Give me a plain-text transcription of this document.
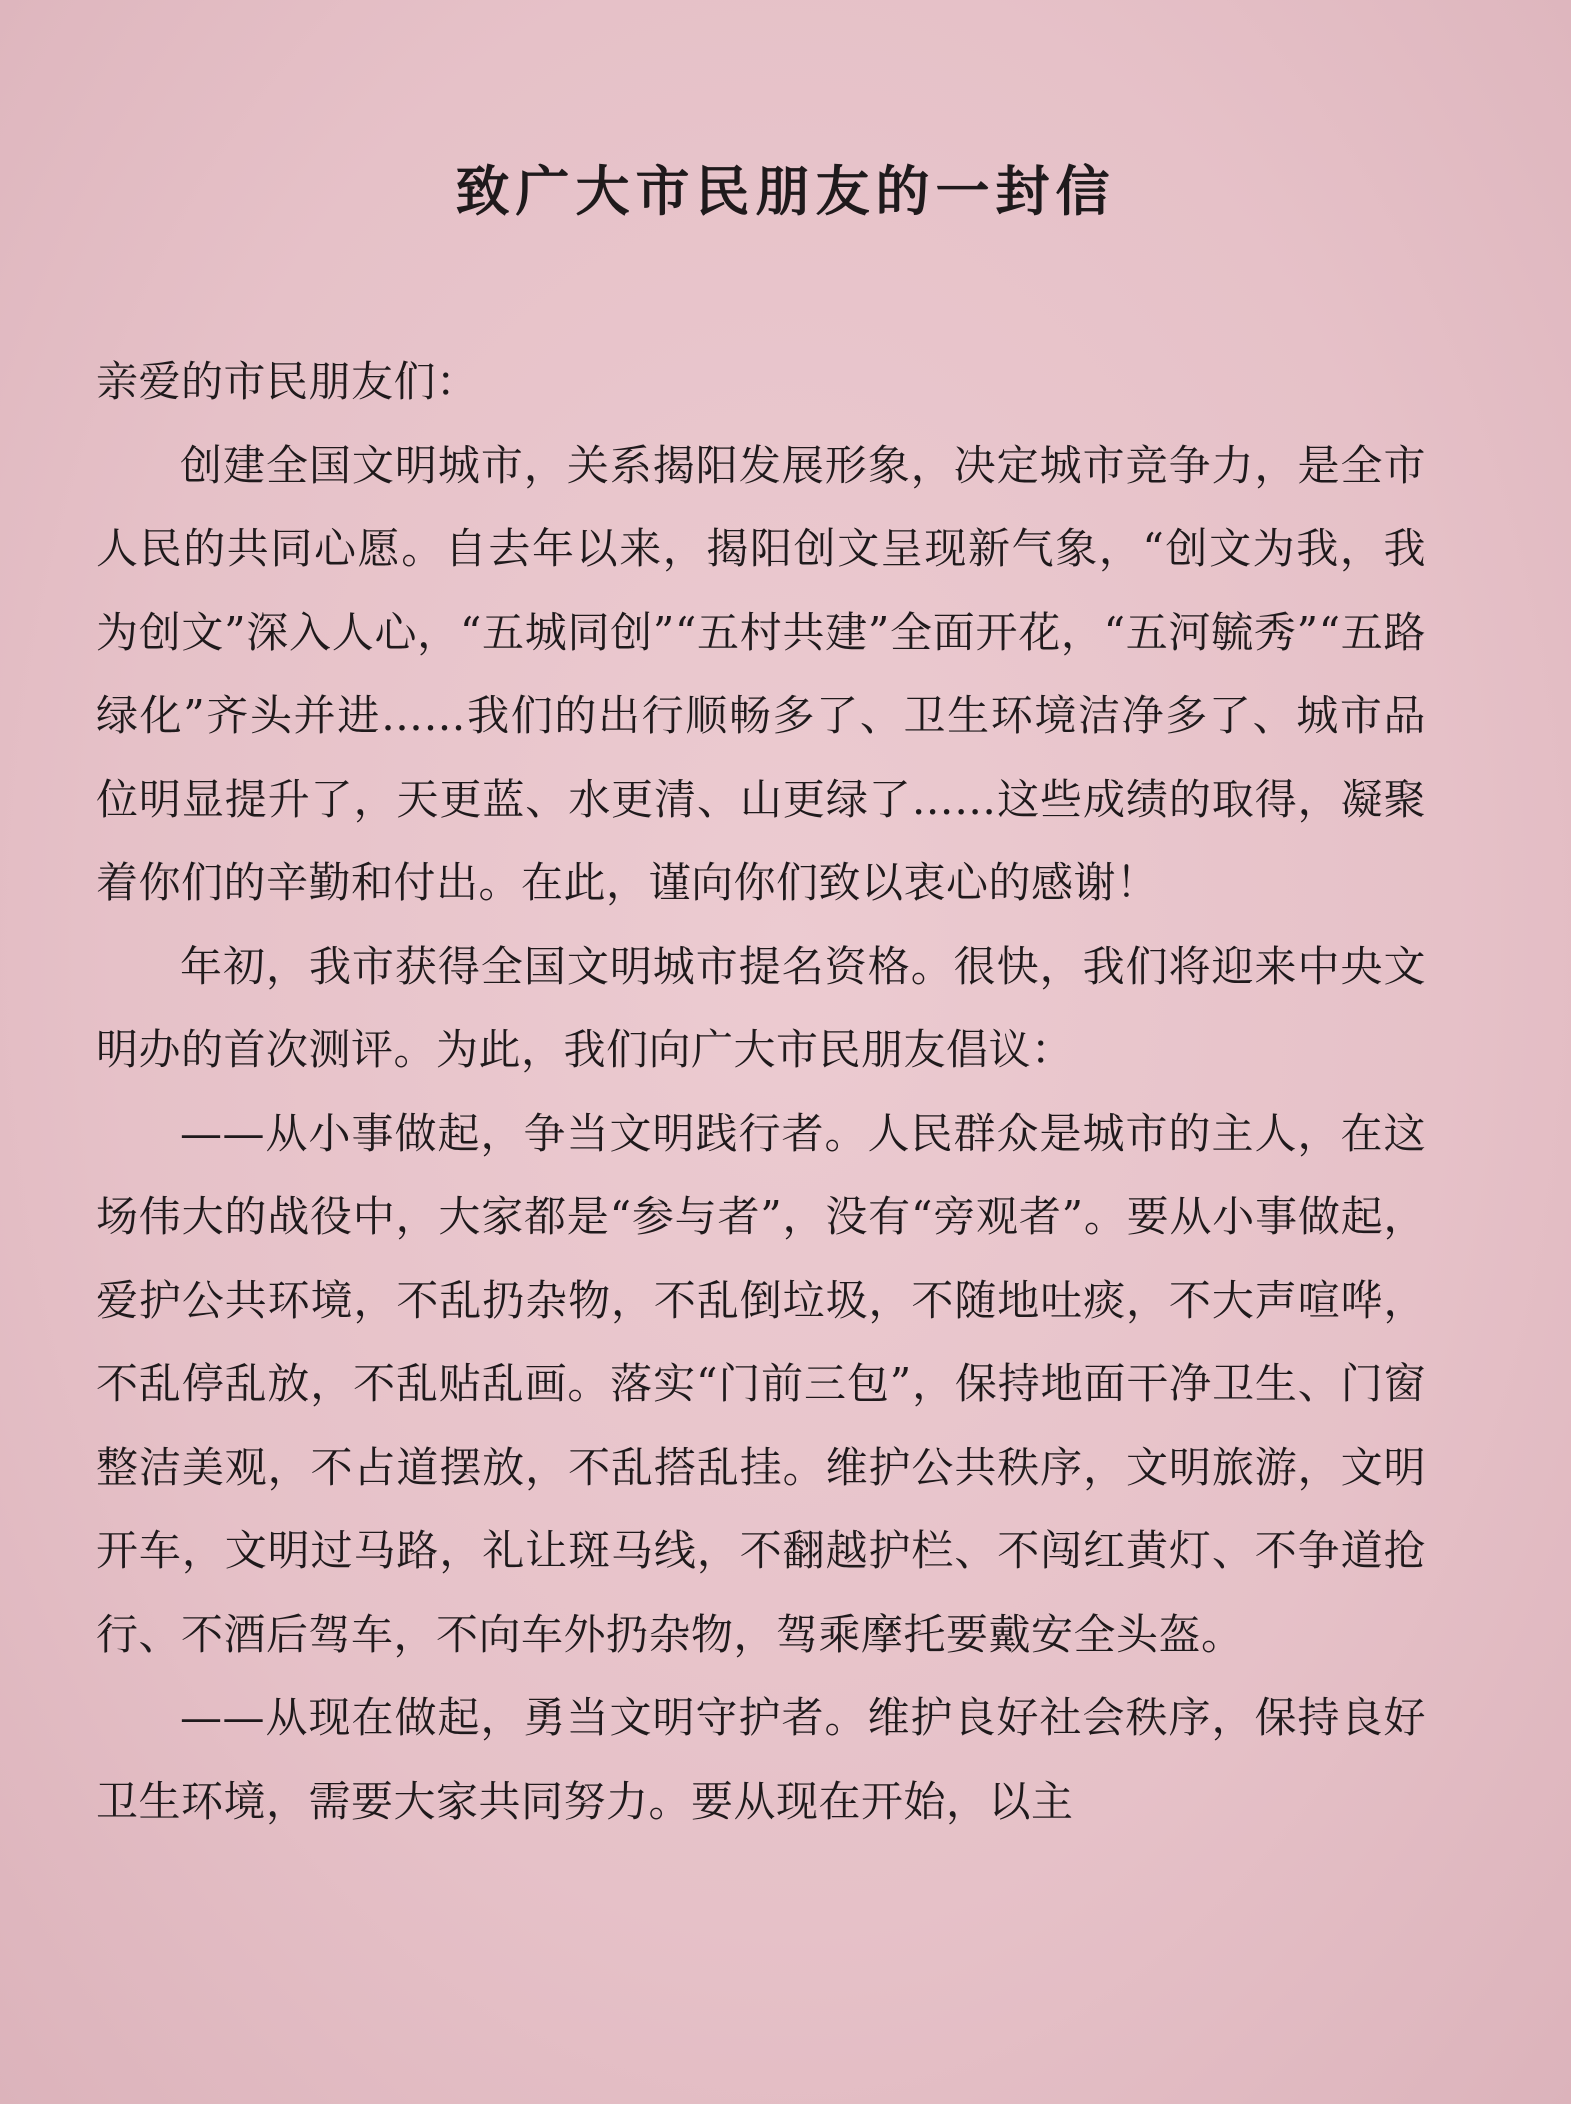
致广大市民朋友的一封信

亲爱的市民朋友们：

创建全国文明城市，关系揭阳发展形象，决定城市竞争力，是全市人民的共同心愿。自去年以来，揭阳创文呈现新气象，“创文为我，我为创文”深入人心，“五城同创”“五村共建”全面开花，“五河毓秀”“五路绿化”齐头并进……我们的出行顺畅多了、卫生环境洁净多了、城市品位明显提升了，天更蓝、水更清、山更绿了……这些成绩的取得，凝聚着你们的辛勤和付出。在此，谨向你们致以衷心的感谢！

年初，我市获得全国文明城市提名资格。很快，我们将迎来中央文明办的首次测评。为此，我们向广大市民朋友倡议：

——从小事做起，争当文明践行者。人民群众是城市的主人，在这场伟大的战役中，大家都是“参与者”，没有“旁观者”。要从小事做起，爱护公共环境，不乱扔杂物，不乱倒垃圾，不随地吐痰，不大声喧哗，不乱停乱放，不乱贴乱画。落实“门前三包”，保持地面干净卫生、门窗整洁美观，不占道摆放，不乱搭乱挂。维护公共秩序，文明旅游，文明开车，文明过马路，礼让斑马线，不翻越护栏、不闯红黄灯、不争道抢行、不酒后驾车，不向车外扔杂物，驾乘摩托要戴安全头盔。

——从现在做起，勇当文明守护者。维护良好社会秩序，保持良好卫生环境，需要大家共同努力。要从现在开始，以主
